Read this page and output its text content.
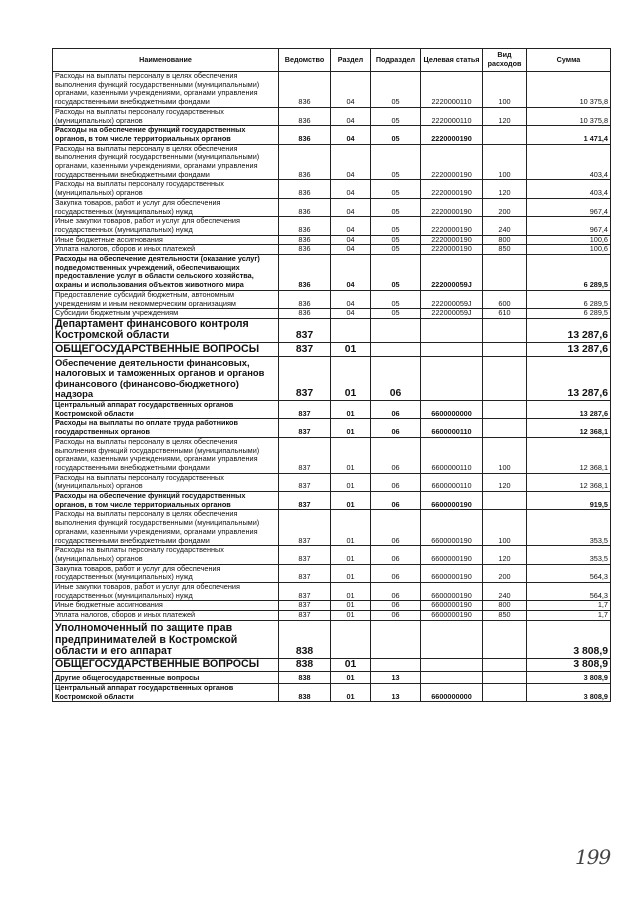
Наименование	Ведомство	Раздел	Подраздел	Целевая статья	Вид расходов	Сумма
Расходы на выплаты персоналу в целях обеспечения выполнения функций государственными (муниципальными) органами, казенными учреждениями, органами управления государственными внебюджетными фондами	836	04	05	2220000110	100	10 375,8
Расходы на выплаты персоналу государственных (муниципальных) органов	836	04	05	2220000110	120	10 375,8
Расходы на обеспечение функций государственных органов, в том числе территориальных органов	836	04	05	2220000190		1 471,4
Расходы на выплаты персоналу в целях обеспечения выполнения функций государственными (муниципальными) органами, казенными учреждениями, органами управления государственными внебюджетными фондами	836	04	05	2220000190	100	403,4
Расходы на выплаты персоналу государственных (муниципальных) органов	836	04	05	2220000190	120	403,4
Закупка товаров, работ и услуг для обеспечения государственных (муниципальных) нужд	836	04	05	2220000190	200	967,4
Иные закупки товаров, работ и услуг для обеспечения государственных (муниципальных) нужд	836	04	05	2220000190	240	967,4
Иные бюджетные ассигнования	836	04	05	2220000190	800	100,6
Уплата налогов, сборов и иных платежей	836	04	05	2220000190	850	100,6
Расходы на обеспечение деятельности (оказание услуг) подведомственных учреждений, обеспечивающих предоставление услуг в области сельского хозяйства, охраны и использования объектов животного мира	836	04	05	222000059J		6 289,5
Предоставление субсидий бюджетным, автономным учреждениям и иным некоммерческим организациям	836	04	05	222000059J	600	6 289,5
Субсидии бюджетным учреждениям	836	04	05	222000059J	610	6 289,5
Департамент финансового контроля Костромской области	837					13 287,6
ОБЩЕГОСУДАРСТВЕННЫЕ ВОПРОСЫ	837	01				13 287,6
Обеспечение деятельности финансовых, налоговых и таможенных органов и органов финансового (финансово-бюджетного) надзора	837	01	06			13 287,6
Центральный аппарат государственных органов Костромской области	837	01	06	6600000000		13 287,6
Расходы на выплаты по оплате труда работников государственных органов	837	01	06	6600000110		12 368,1
Расходы на выплаты персоналу в целях обеспечения выполнения функций государственными (муниципальными) органами, казенными учреждениями, органами управления государственными внебюджетными фондами	837	01	06	6600000110	100	12 368,1
Расходы на выплаты персоналу государственных (муниципальных) органов	837	01	06	6600000110	120	12 368,1
Расходы на обеспечение функций государственных органов, в том числе территориальных органов	837	01	06	6600000190		919,5
Расходы на выплаты персоналу в целях обеспечения выполнения функций государственными (муниципальными) органами, казенными учреждениями, органами управления государственными внебюджетными фондами	837	01	06	6600000190	100	353,5
Расходы на выплаты персоналу государственных (муниципальных) органов	837	01	06	6600000190	120	353,5
Закупка товаров, работ и услуг для обеспечения государственных (муниципальных) нужд	837	01	06	6600000190	200	564,3
Иные закупки товаров, работ и услуг для обеспечения государственных (муниципальных) нужд	837	01	06	6600000190	240	564,3
Иные бюджетные ассигнования	837	01	06	6600000190	800	1,7
Уплата налогов, сборов и иных платежей	837	01	06	6600000190	850	1,7
Уполномоченный по защите прав предпринимателей в Костромской области и его аппарат	838					3 808,9
ОБЩЕГОСУДАРСТВЕННЫЕ ВОПРОСЫ	838	01				3 808,9
Другие общегосударственные вопросы	838	01	13			3 808,9
Центральный аппарат государственных органов Костромской области	838	01	13	6600000000		3 808,9
199
